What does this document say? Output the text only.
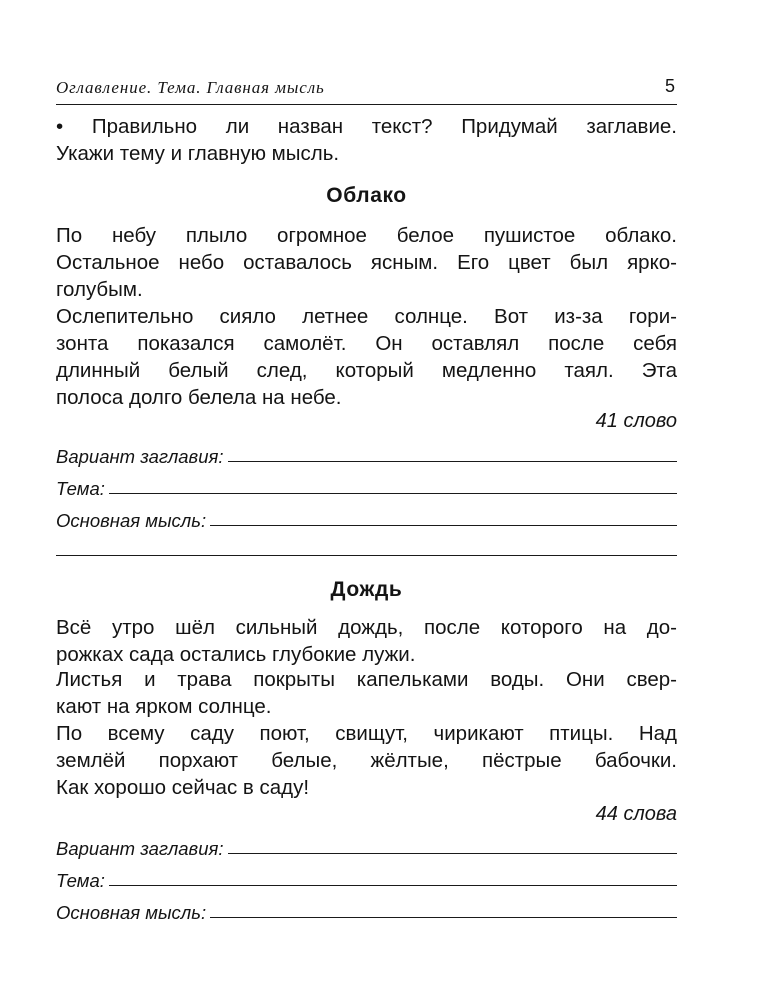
Оглавление. Тема. Главная мысль	5
• Правильно ли назван текст? Придумай заглавие.
Укажи тему и главную мысль.
Облако
По небу плыло огромное белое пушистое облако.
Остальное небо оставалось ясным. Его цвет был ярко-
голубым.
Ослепительно сияло летнее солнце. Вот из-за гори-
зонта показался самолёт. Он оставлял после себя
длинный белый след, который медленно таял. Эта
полоса долго белела на небе.
41 слово
Вариант заглавия:
Тема:
Основная мысль:
Дождь
Всё утро шёл сильный дождь, после которого на до-
рожках сада остались глубокие лужи.
Листья и трава покрыты капельками воды. Они свер-
кают на ярком солнце.
По всему саду поют, свищут, чирикают птицы. Над
землёй порхают белые, жёлтые, пёстрые бабочки.
Как хорошо сейчас в саду!
44 слова
Вариант заглавия:
Тема:
Основная мысль:
